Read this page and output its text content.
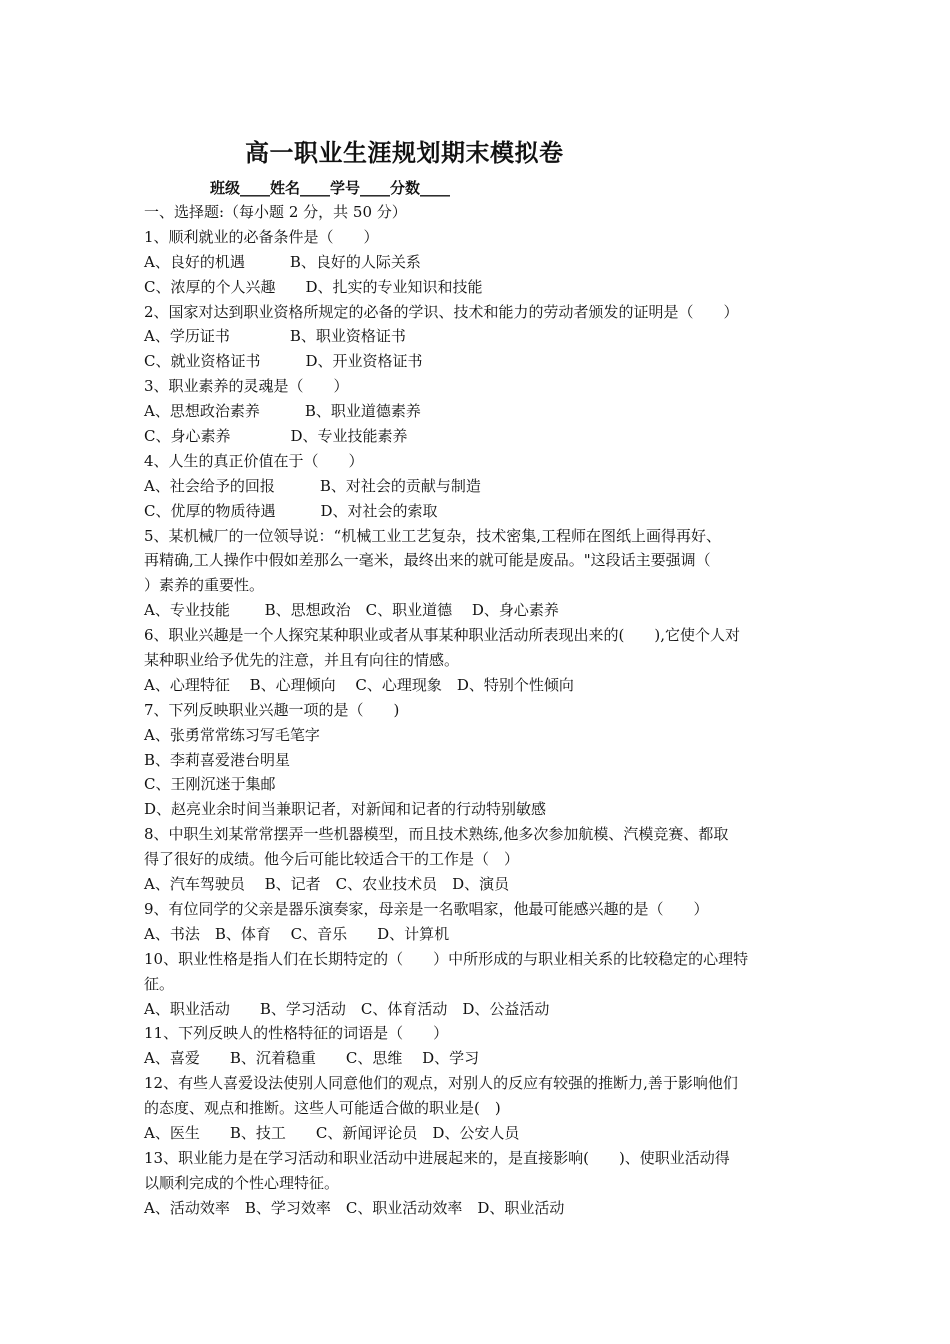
高一职业生涯规划期末模拟卷
班级____姓名____学号____分数____
一、选择题:（每小题 2 分，共 50 分）
1、顺利就业的必备条件是（　　）
A、良好的机遇　　　B、良好的人际关系
C、浓厚的个人兴趣　　D、扎实的专业知识和技能
2、国家对达到职业资格所规定的必备的学识、技术和能力的劳动者颁发的证明是（　　）
A、学历证书　　　　B、职业资格证书
C、就业资格证书　　　D、开业资格证书
3、职业素养的灵魂是（　　）
A、思想政治素养　　　B、职业道德素养
C、身心素养　　　　D、专业技能素养
4、人生的真正价值在于（　　）
A、社会给予的回报　　　B、对社会的贡献与制造
C、优厚的物质待遇　　　D、对社会的索取
5、某机械厂的一位领导说：“机械工业工艺复杂，技术密集,工程师在图纸上画得再好、
再精确,工人操作中假如差那么一毫米，最终出来的就可能是废品。"这段话主要强调（
）素养的重要性。
A、专业技能　　 B、思想政治　C、职业道德　 D、身心素养
6、职业兴趣是一个人探究某种职业或者从事某种职业活动所表现出来的(　　),它使个人对
某种职业给予优先的注意，并且有向往的情感。
A、心理特征　 B、心理倾向　 C、心理现象　D、特别个性倾向
7、下列反映职业兴趣一项的是（　　)
A、张勇常常练习写毛笔字
B、李莉喜爱港台明星
C、王刚沉迷于集邮
D、赵亮业余时间当兼职记者，对新闻和记者的行动特别敏感
8、中职生刘某常常摆弄一些机器模型，而且技术熟练,他多次参加航模、汽模竞赛、都取
得了很好的成绩。他今后可能比较适合干的工作是（　）
A、汽车驾驶员　 B、记者　C、农业技术员　D、演员
9、有位同学的父亲是器乐演奏家，母亲是一名歌唱家，他最可能感兴趣的是（　　）
A、书法　B、体育　 C、音乐　　D、计算机
10、职业性格是指人们在长期特定的（　　）中所形成的与职业相关系的比较稳定的心理特
征。
A、职业活动　　B、学习活动　C、体育活动　D、公益活动
11、下列反映人的性格特征的词语是（　　）
A、喜爱　　B、沉着稳重　　C、思维　 D、学习
12、有些人喜爱设法使别人同意他们的观点，对别人的反应有较强的推断力,善于影响他们
的态度、观点和推断。这些人可能适合做的职业是(　)
A、医生　　B、技工　　C、新闻评论员　D、公安人员
13、职业能力是在学习活动和职业活动中进展起来的，是直接影响(　　)、使职业活动得
以顺利完成的个性心理特征。
A、活动效率　B、学习效率　C、职业活动效率　D、职业活动
